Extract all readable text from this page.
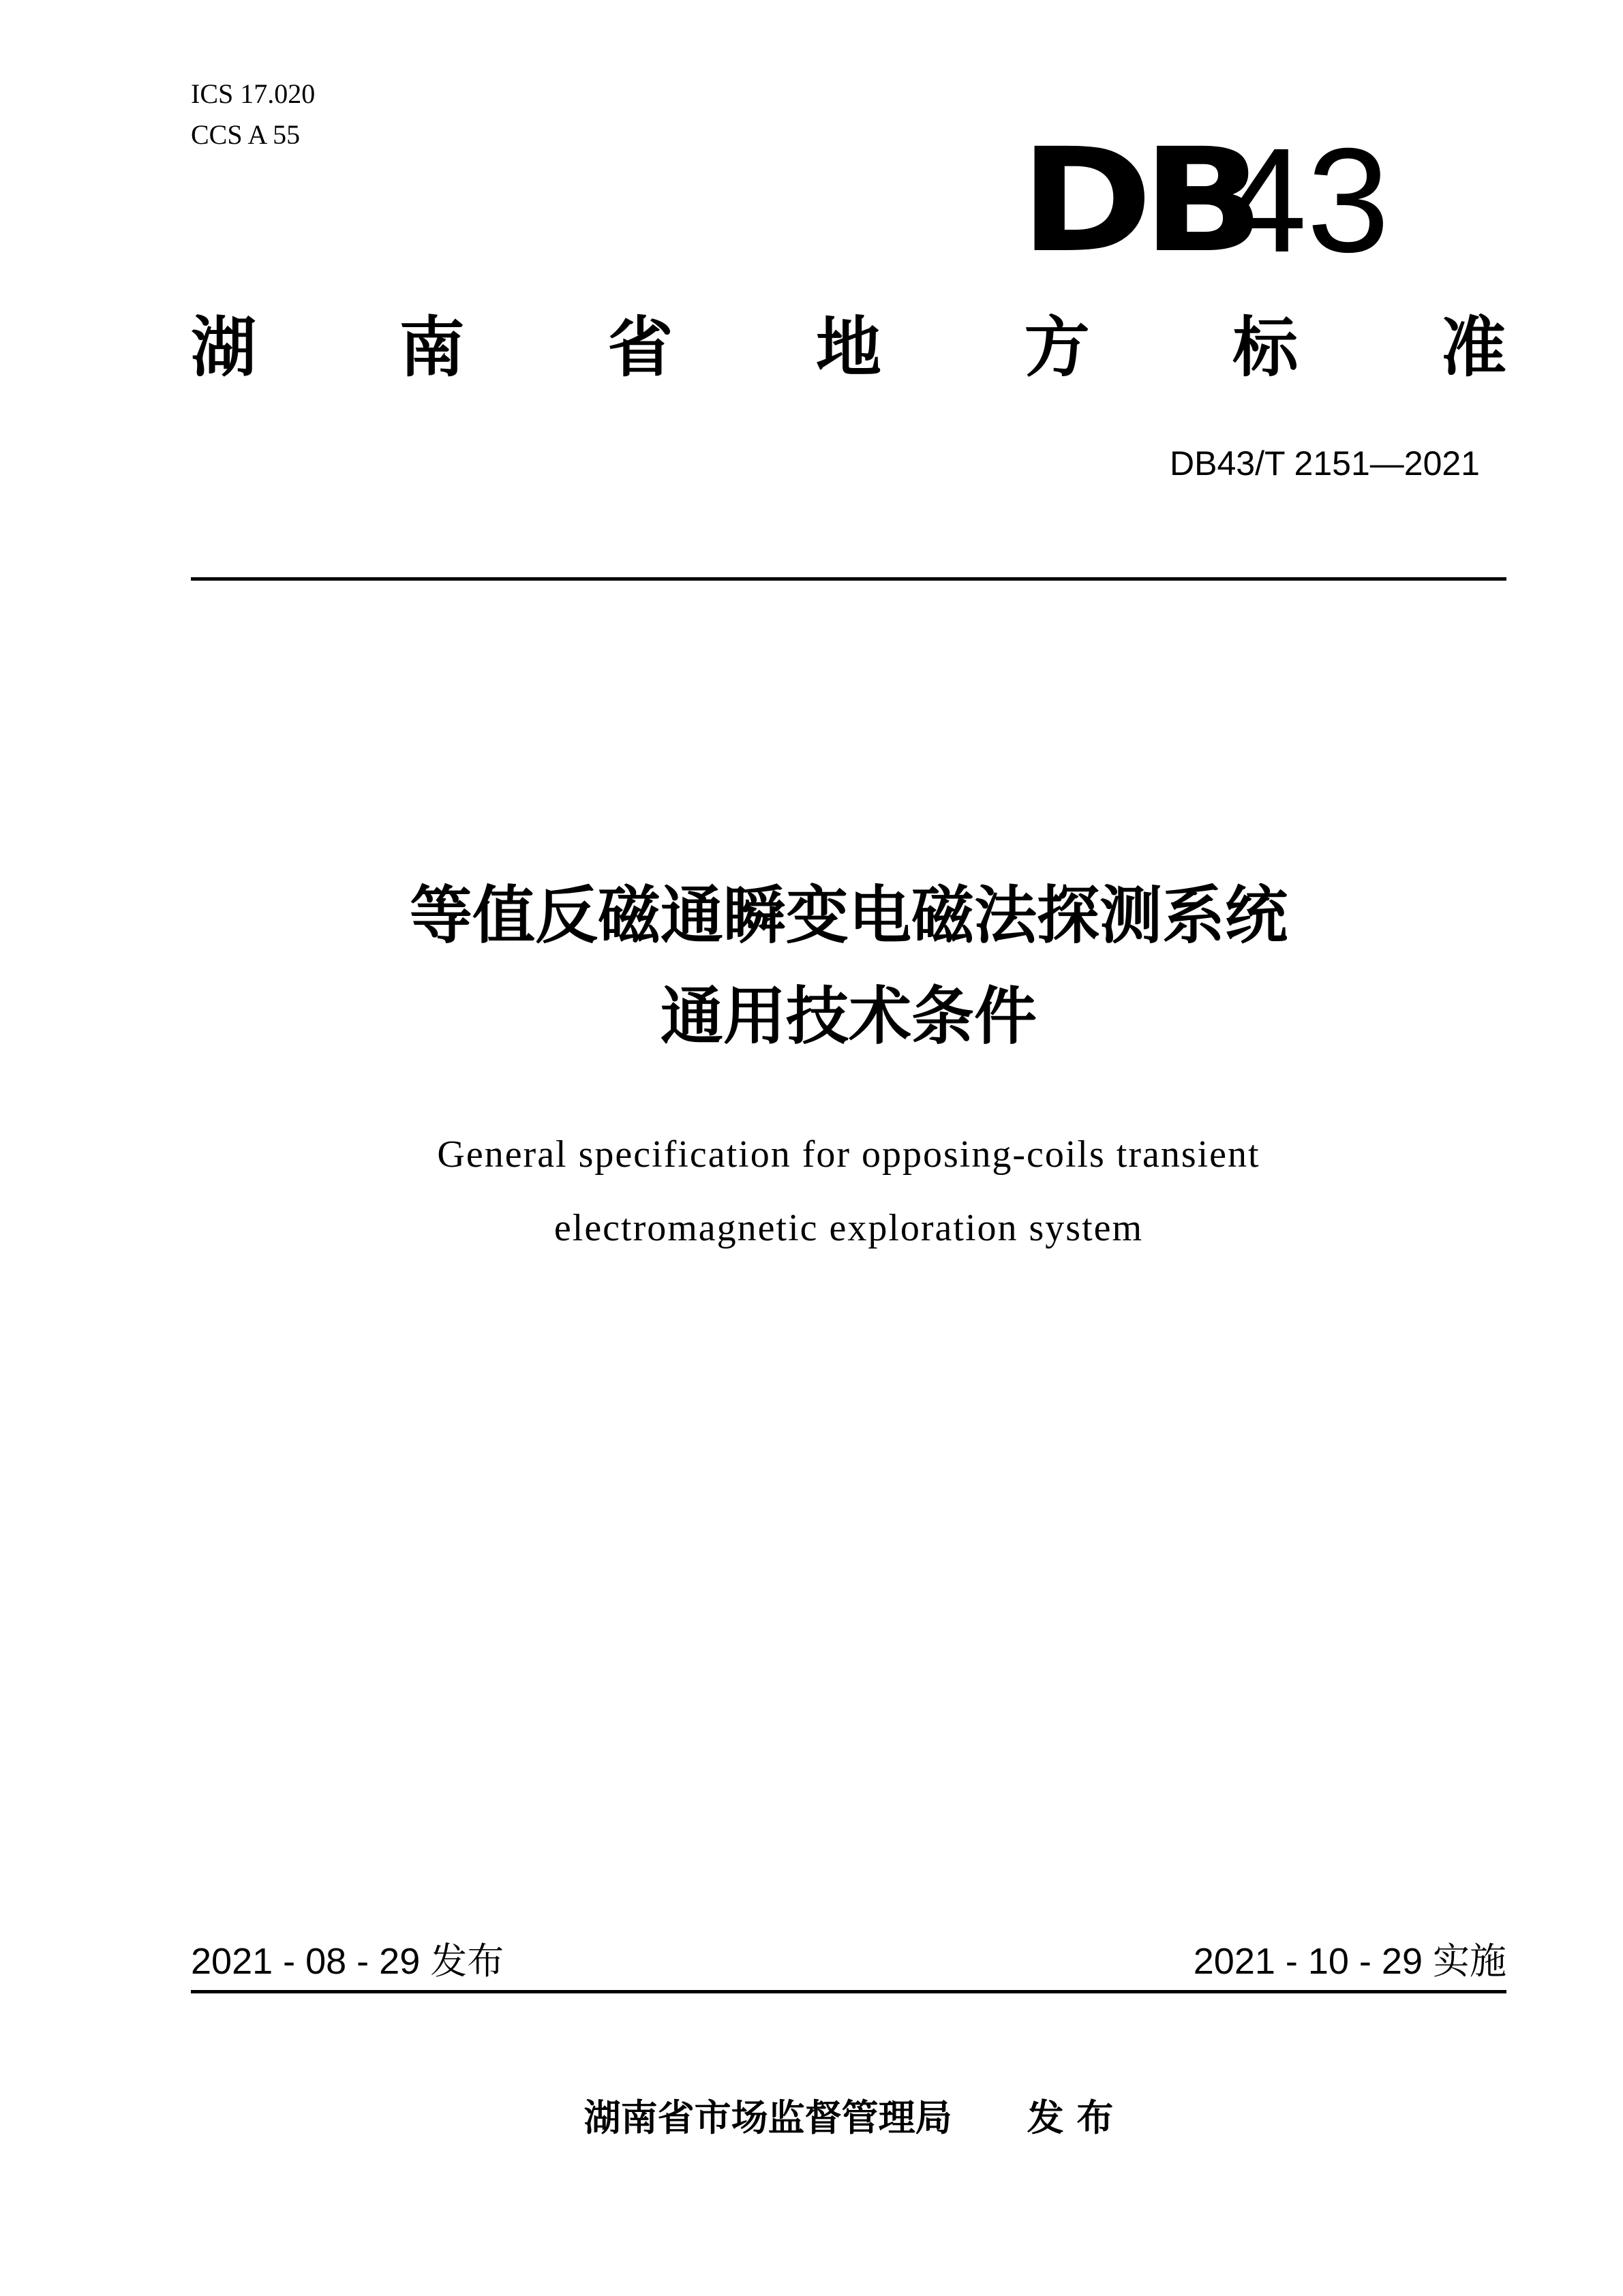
ICS 17.020
CCS A 55	DB
43
湖 南 省 地 方 标 准
DB43/T 2151—2021
等值反磁通瞬变电磁法探测系统
通用技术条件
General specification for opposing-coils transient
electromagnetic exploration system
2021 - 08 - 29 发布	2021 - 10 - 29 实施
湖南省市场监督管理局 发 布
